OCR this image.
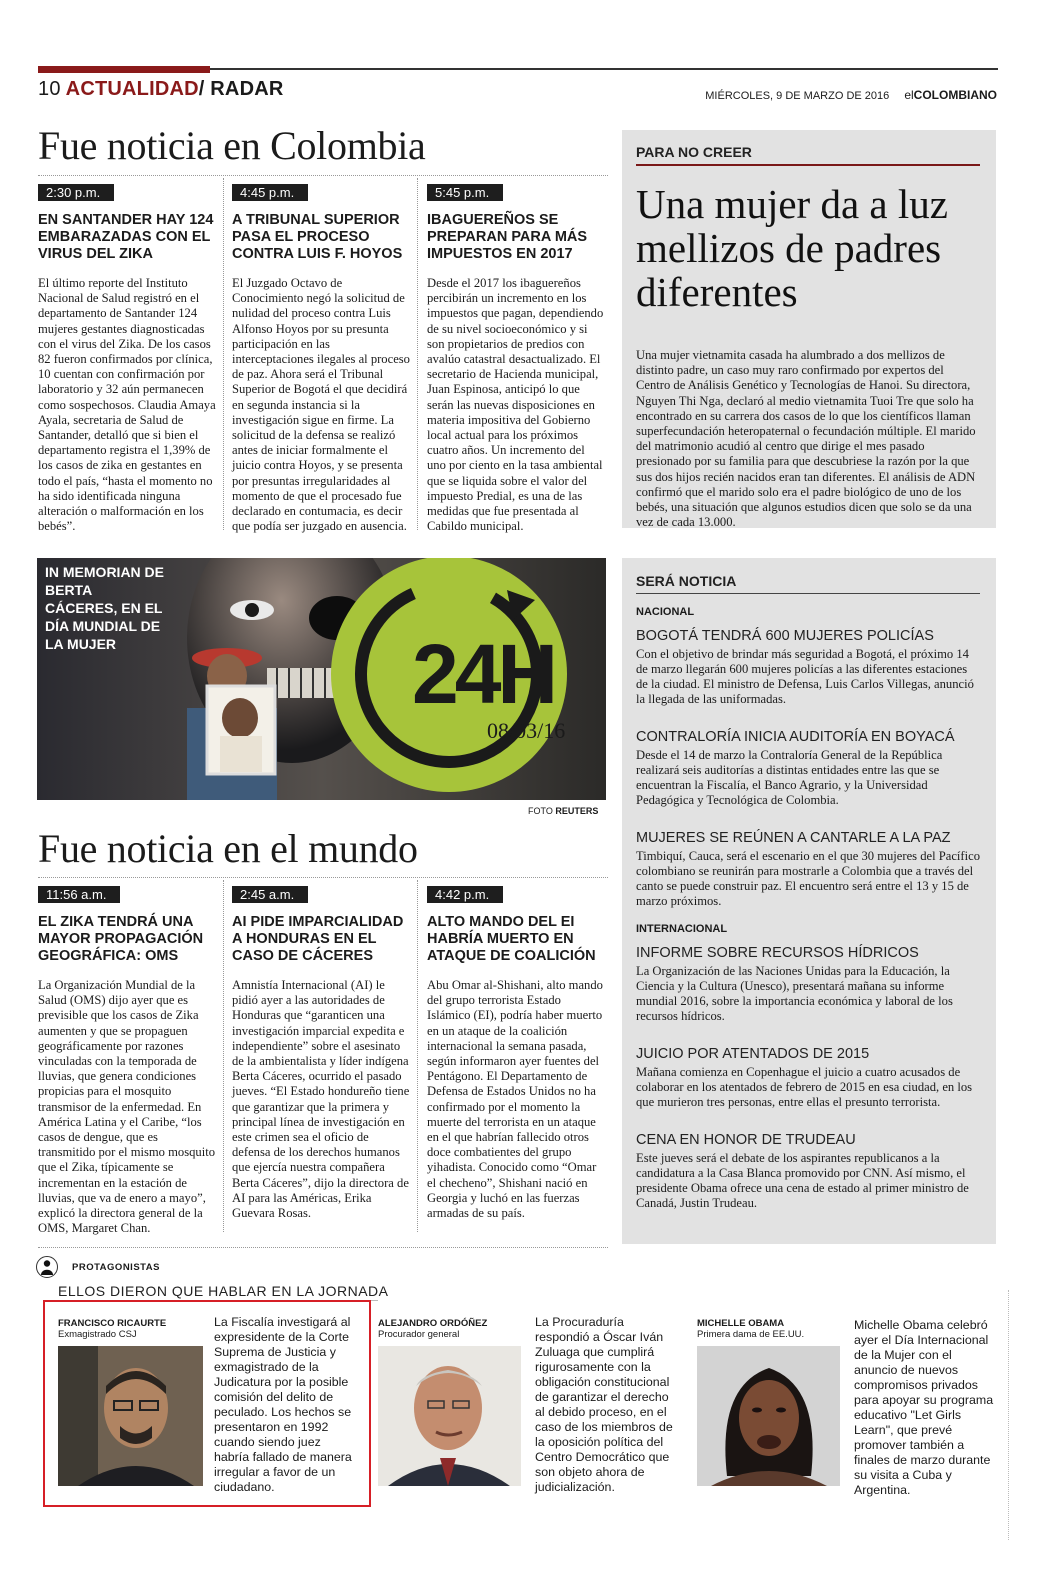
10 ACTUALIDAD/ RADAR	MIÉRCOLES, 9 DE MARZO DE 2016 elCOLOMBIANO
Fue noticia en Colombia
2:30 p.m.
EN SANTANDER HAY 124 EMBARAZADAS CON EL VIRUS DEL ZIKA
El último reporte del Instituto Nacional de Salud registró en el departamento de Santander 124 mujeres gestantes diagnosticadas con el virus del Zika. De los casos 82 fueron confirmados por clínica, 10 cuentan con confirmación por laboratorio y 32 aún permanecen como sospechosos. Claudia Amaya Ayala, secretaria de Salud de Santander, detalló que si bien el departamento registra el 1,39% de los casos de zika en gestantes en todo el país, “hasta el momento no ha sido identificada ninguna alteración o malformación en los bebés”.
4:45 p.m.
A TRIBUNAL SUPERIOR PASA EL PROCESO CONTRA LUIS F. HOYOS
El Juzgado Octavo de Conocimiento negó la solicitud de nulidad del proceso contra Luis Alfonso Hoyos por su presunta participación en las interceptaciones ilegales al proceso de paz. Ahora será el Tribunal Superior de Bogotá el que decidirá en segunda instancia si la investigación sigue en firme. La solicitud de la defensa se realizó antes de iniciar formalmente el juicio contra Hoyos, y se presenta por presuntas irregularidades al momento de que el procesado fue declarado en contumacia, es decir que podía ser juzgado en ausencia.
5:45 p.m.
IBAGUEREÑOS SE PREPARAN PARA MÁS IMPUESTOS EN 2017
Desde el 2017 los ibaguereños percibirán un incremento en los impuestos que pagan, dependiendo de su nivel socioeconómico y si son propietarios de predios con avalúo catastral desactualizado. El secretario de Hacienda municipal, Juan Espinosa, anticipó lo que serán las nuevas disposiciones en materia impositiva del Gobierno local actual para los próximos cuatro años. Un incremento del uno por ciento en la tasa ambiental que se liquida sobre el valor del impuesto Predial, es una de las medidas que fue presentada al Cabildo municipal.
PARA NO CREER
Una mujer da a luz mellizos de padres diferentes
Una mujer vietnamita casada ha alumbrado a dos mellizos de distinto padre, un caso muy raro confirmado por expertos del Centro de Análisis Genético y Tecnologías de Hanoi. Su directora, Nguyen Thi Nga, declaró al medio vietnamita Tuoi Tre que solo ha encontrado en su carrera dos casos de lo que los científicos llaman superfecundación heteropaternal o fecundación múltiple. El marido del matrimonio acudió al centro que dirige el mes pasado presionado por su familia para que descubriese la razón por la que sus dos hijos recién nacidos eran tan diferentes. El análisis de ADN confirmó que el marido solo era el padre biológico de uno de los bebés, una situación que algunos estudios dicen que solo se da una vez de cada 13.000.
24H
08/03/16
IN MEMORIAN DE BERTA CÁCERES, EN EL DÍA MUNDIAL DE LA MUJER
FOTO REUTERS
SERÁ NOTICIA
NACIONAL
BOGOTÁ TENDRÁ 600 MUJERES POLICÍAS
Con el objetivo de brindar más seguridad a Bogotá, el próximo 14 de marzo llegarán 600 mujeres policías a las diferentes estaciones de la ciudad. El ministro de Defensa, Luis Carlos Villegas, anunció la llegada de las uniformadas.
CONTRALORÍA INICIA AUDITORÍA EN BOYACÁ
Desde el 14 de marzo la Contraloría General de la República realizará seis auditorías a distintas entidades entre las que se encuentran la Fiscalía, el Banco Agrario, y la Universidad Pedagógica y Tecnológica de Colombia.
MUJERES SE REÚNEN A CANTARLE A LA PAZ
Timbiquí, Cauca, será el escenario en el que 30 mujeres del Pacífico colombiano se reunirán para mostrarle a Colombia que a través del canto se puede construir paz. El encuentro será entre el 13 y 15 de marzo próximos.
INTERNACIONAL
INFORME SOBRE RECURSOS HÍDRICOS
La Organización de las Naciones Unidas para la Educación, la Ciencia y la Cultura (Unesco), presentará mañana su informe mundial 2016, sobre la importancia económica y laboral de los recursos hídricos.
JUICIO POR ATENTADOS DE 2015
Mañana comienza en Copenhague el juicio a cuatro acusados de colaborar en los atentados de febrero de 2015 en esa ciudad, en los que murieron tres personas, entre ellas el presunto terrorista.
CENA EN HONOR DE TRUDEAU
Este jueves será el debate de los aspirantes republicanos a la candidatura a la Casa Blanca promovido por CNN. Así mismo, el presidente Obama ofrece una cena de estado al primer ministro de Canadá, Justin Trudeau.
Fue noticia en el mundo
11:56 a.m.
EL ZIKA TENDRÁ UNA MAYOR PROPAGACIÓN GEOGRÁFICA: OMS
La Organización Mundial de la Salud (OMS) dijo ayer que es previsible que los casos de Zika aumenten y que se propaguen geográficamente por razones vinculadas con la temporada de lluvias, que genera condiciones propicias para el mosquito transmisor de la enfermedad. En América Latina y el Caribe, “los casos de dengue, que es transmitido por el mismo mosquito que el Zika, típicamente se incrementan en la estación de lluvias, que va de enero a mayo”, explicó la directora general de la OMS, Margaret Chan.
2:45 a.m.
AI PIDE IMPARCIALIDAD A HONDURAS EN EL CASO DE CÁCERES
Amnistía Internacional (AI) le pidió ayer a las autoridades de Honduras que “garanticen una investigación imparcial expedita e independiente” sobre el asesinato de la ambientalista y líder indígena Berta Cáceres, ocurrido el pasado jueves. “El Estado hondureño tiene que garantizar que la primera y principal línea de investigación en este crimen sea el oficio de defensa de los derechos humanos que ejercía nuestra compañera Berta Cáceres”, dijo la directora de AI para las Américas, Erika Guevara Rosas.
4:42 p.m.
ALTO MANDO DEL EI HABRÍA MUERTO EN ATAQUE DE COALICIÓN
Abu Omar al-Shishani, alto mando del grupo terrorista Estado Islámico (EI), podría haber muerto en un ataque de la coalición internacional la semana pasada, según informaron ayer fuentes del Pentágono. El Departamento de Defensa de Estados Unidos no ha confirmado por el momento la muerte del terrorista en un ataque en el que habrían fallecido otros doce combatientes del grupo yihadista. Conocido como “Omar el checheno”, Shishani nació en Georgia y luchó en las fuerzas armadas de su país.
PROTAGONISTAS
ELLOS DIERON QUE HABLAR EN LA JORNADA
FRANCISCO RICAURTE
Exmagistrado CSJ
La Fiscalía investigará al expresidente de la Corte Suprema de Justicia y exmagistrado de la Judicatura por la posible comisión del delito de peculado. Los hechos se presentaron en 1992 cuando siendo juez habría fallado de manera irregular a favor de un ciudadano.
ALEJANDRO ORDÓÑEZ
Procurador general
La Procuraduría respondió a Óscar Iván Zuluaga que cumplirá rigurosamente con la obligación constitucional de garantizar el derecho al debido proceso, en el caso de los miembros de la oposición política del Centro Democrático que son objeto ahora de judicialización.
MICHELLE OBAMA
Primera dama de EE.UU.
Michelle Obama celebró ayer el Día Internacional de la Mujer con el anuncio de nuevos compromisos privados para apoyar su programa educativo "Let Girls Learn", que prevé promover también a finales de marzo durante su visita a Cuba y Argentina.
